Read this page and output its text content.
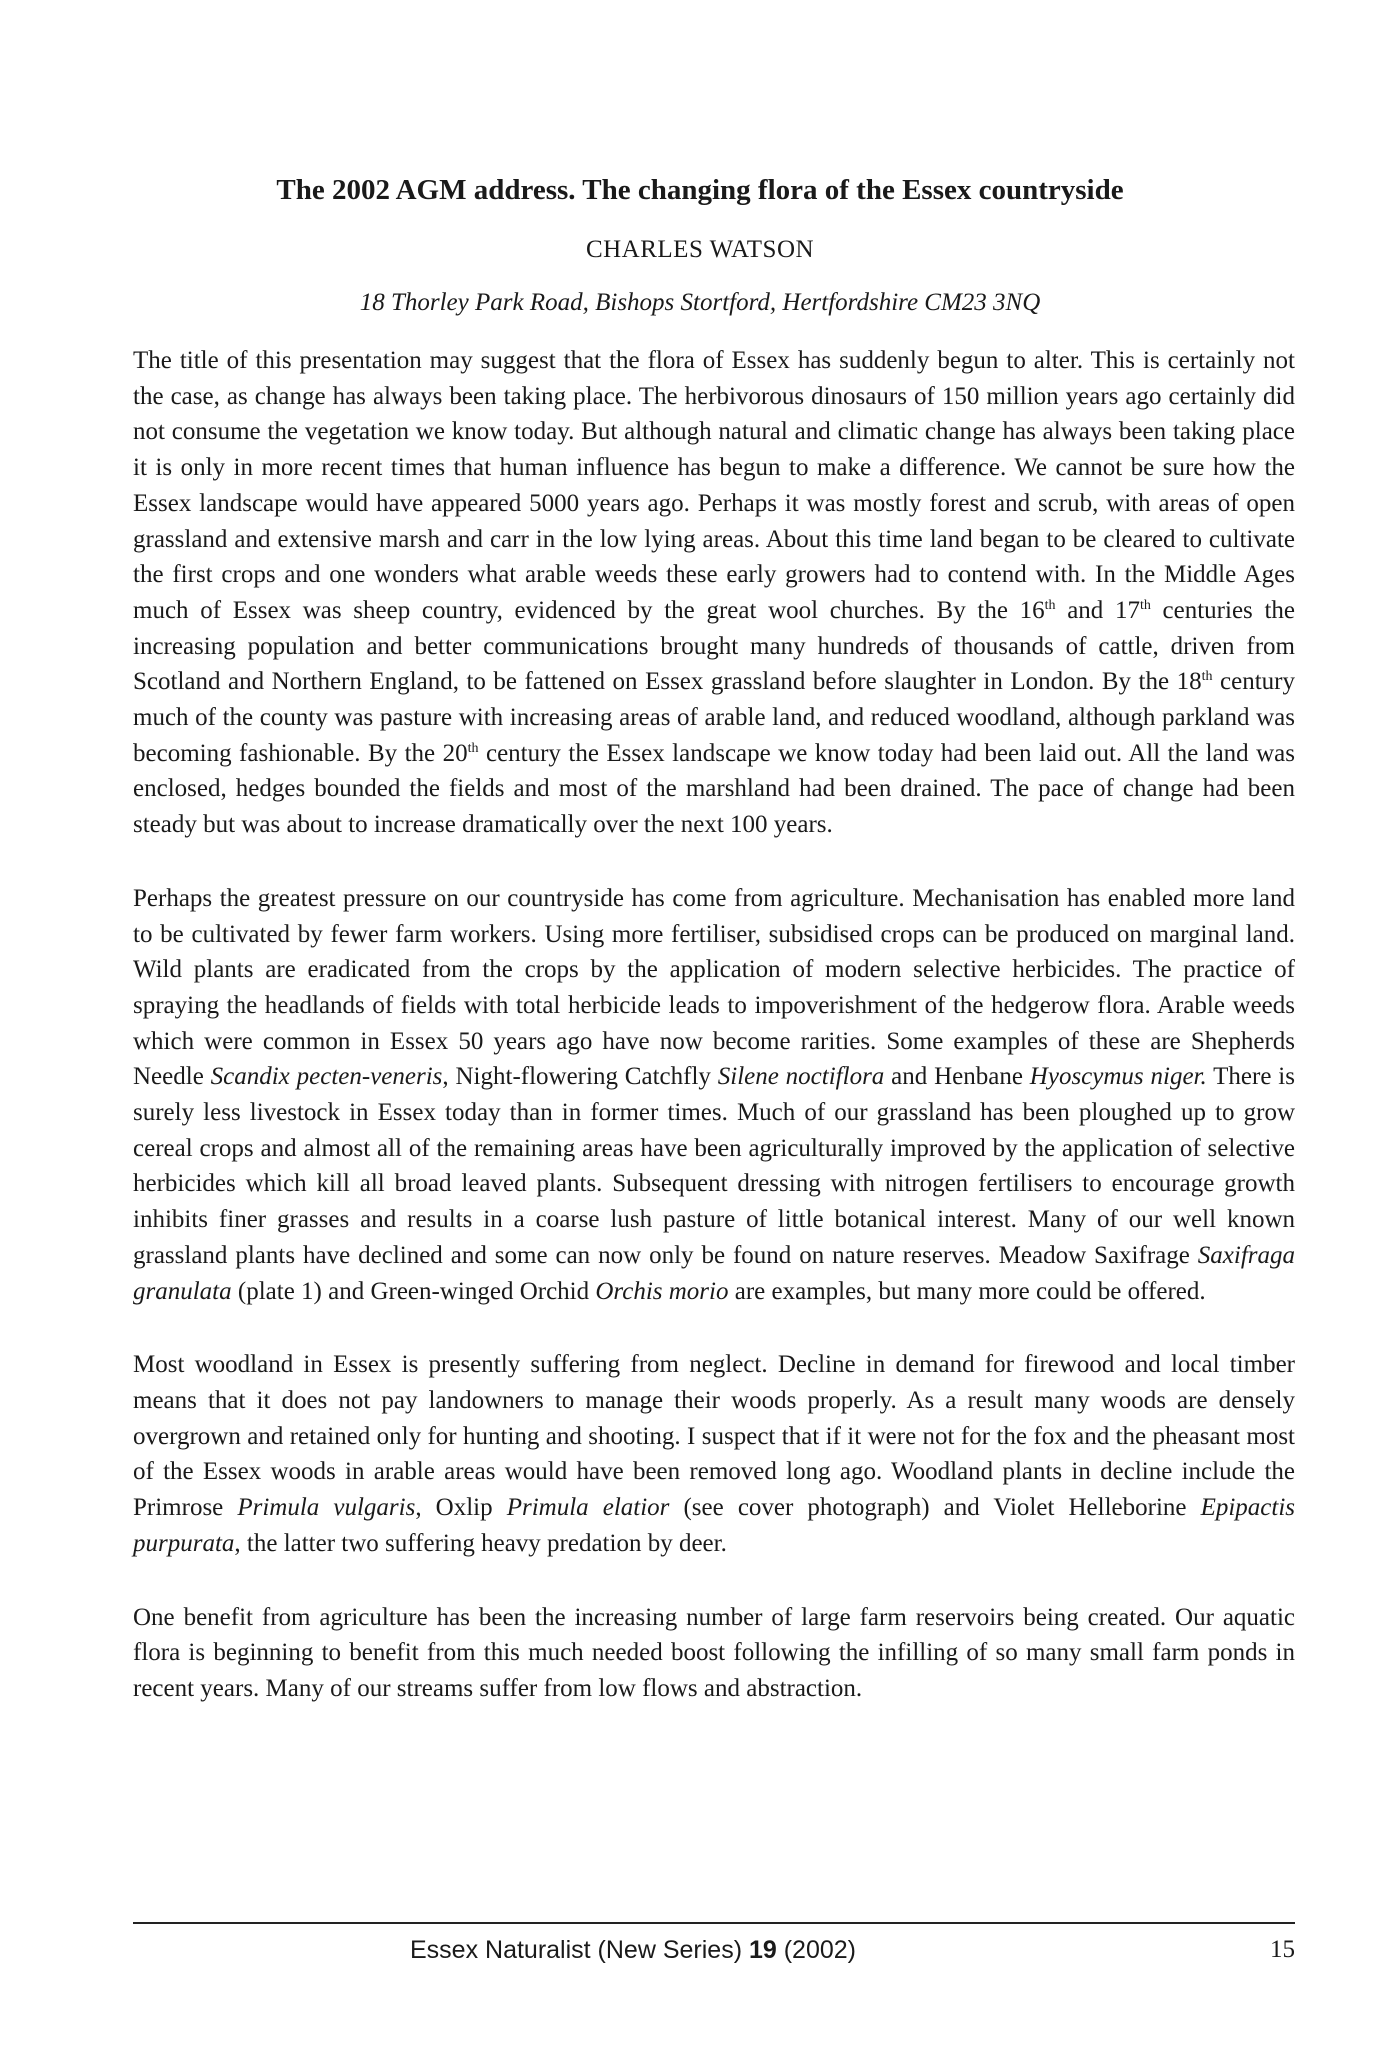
The 2002 AGM address. The changing flora of the Essex countryside
CHARLES WATSON
18 Thorley Park Road, Bishops Stortford, Hertfordshire CM23 3NQ

The title of this presentation may suggest that the flora of Essex has suddenly begun to alter. This is certainly not the case, as change has always been taking place. The herbivorous dinosaurs of 150 million years ago certainly did not consume the vegetation we know today. But although natural and climatic change has always been taking place it is only in more recent times that human influence has begun to make a difference. We cannot be sure how the Essex landscape would have appeared 5000 years ago. Perhaps it was mostly forest and scrub, with areas of open grassland and extensive marsh and carr in the low lying areas. About this time land began to be cleared to cultivate the first crops and one wonders what arable weeds these early growers had to contend with. In the Middle Ages much of Essex was sheep country, evidenced by the great wool churches. By the 16th and 17th centuries the increasing population and better communications brought many hundreds of thousands of cattle, driven from Scotland and Northern England, to be fattened on Essex grassland before slaughter in London. By the 18th century much of the county was pasture with increasing areas of arable land, and reduced woodland, although parkland was becoming fashionable. By the 20th century the Essex landscape we know today had been laid out. All the land was enclosed, hedges bounded the fields and most of the marshland had been drained. The pace of change had been steady but was about to increase dramatically over the next 100 years.

Perhaps the greatest pressure on our countryside has come from agriculture. Mechanisation has enabled more land to be cultivated by fewer farm workers. Using more fertiliser, subsidised crops can be produced on marginal land. Wild plants are eradicated from the crops by the application of modern selective herbicides. The practice of spraying the headlands of fields with total herbicide leads to impoverishment of the hedgerow flora. Arable weeds which were common in Essex 50 years ago have now become rarities. Some examples of these are Shepherds Needle Scandix pecten-veneris, Night-flowering Catchfly Silene noctiflora and Henbane Hyoscymus niger. There is surely less livestock in Essex today than in former times. Much of our grassland has been ploughed up to grow cereal crops and almost all of the remaining areas have been agriculturally improved by the application of selective herbicides which kill all broad leaved plants. Subsequent dressing with nitrogen fertilisers to encourage growth inhibits finer grasses and results in a coarse lush pasture of little botanical interest. Many of our well known grassland plants have declined and some can now only be found on nature reserves. Meadow Saxifrage Saxifraga granulata (plate 1) and Green-winged Orchid Orchis morio are examples, but many more could be offered.

Most woodland in Essex is presently suffering from neglect. Decline in demand for firewood and local timber means that it does not pay landowners to manage their woods properly. As a result many woods are densely overgrown and retained only for hunting and shooting. I suspect that if it were not for the fox and the pheasant most of the Essex woods in arable areas would have been removed long ago. Woodland plants in decline include the Primrose Primula vulgaris, Oxlip Primula elatior (see cover photograph) and Violet Helleborine Epipactis purpurata, the latter two suffering heavy predation by deer.

One benefit from agriculture has been the increasing number of large farm reservoirs being created. Our aquatic flora is beginning to benefit from this much needed boost following the infilling of so many small farm ponds in recent years. Many of our streams suffer from low flows and abstraction.

Essex Naturalist (New Series) 19 (2002)	15
